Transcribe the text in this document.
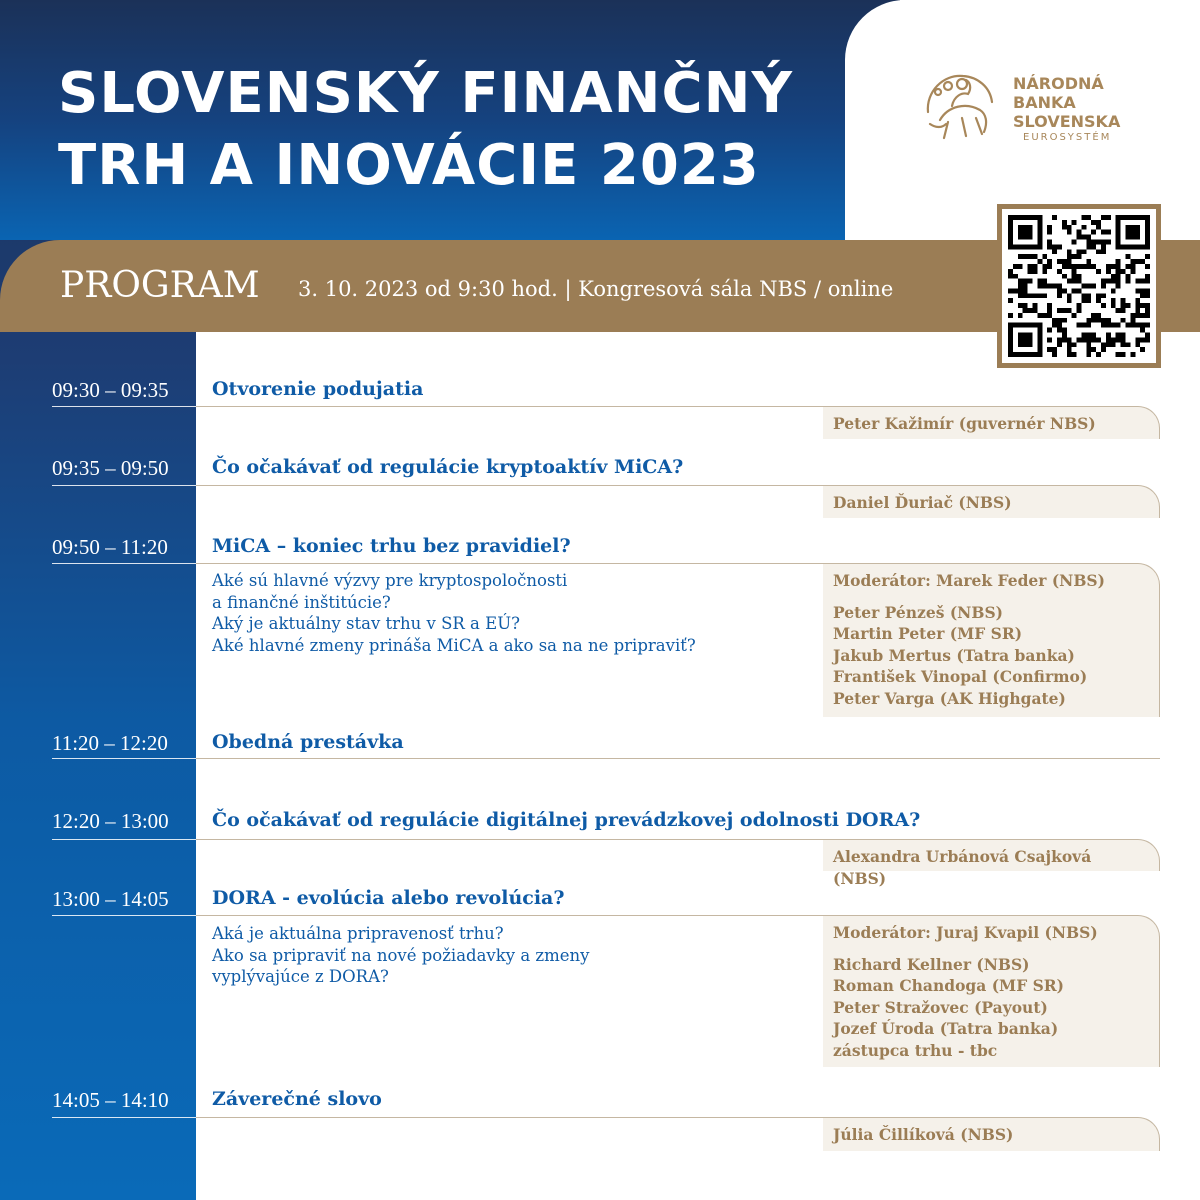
SLOVENSKÝ FINANČNÝ
TRH A INOVÁCIE 2023
NÁRODNÁ
BANKA
SLOVENSKA
EUROSYSTÉM
PROGRAM 3. 10. 2023 od 9:30 hod. | Kongresová sála NBS / online
09:30 – 09:35	Otvorenie podujatia
Peter Kažimír (guvernér NBS)
09:35 – 09:50	Čo očakávať od regulácie kryptoaktív MiCA?
Daniel Ďuriač (NBS)
09:50 – 11:20	MiCA – koniec trhu bez pravidiel?
Aké sú hlavné výzvy pre kryptospoločnosti
a finančné inštitúcie?
Aký je aktuálny stav trhu v SR a EÚ?
Aké hlavné zmeny prináša MiCA a ako sa na ne pripraviť?
Moderátor: Marek Feder (NBS)
Peter Pénzeš (NBS)
Martin Peter (MF SR)
Jakub Mertus (Tatra banka)
František Vinopal (Confirmo)
Peter Varga (AK Highgate)
11:20 – 12:20	Obedná prestávka
12:20 – 13:00	Čo očakávať od regulácie digitálnej prevádzkovej odolnosti DORA?
Alexandra Urbánová Csajková (NBS)
13:00 – 14:05	DORA - evolúcia alebo revolúcia?
Aká je aktuálna pripravenosť trhu?
Ako sa pripraviť na nové požiadavky a zmeny
vyplývajúce z DORA?
Moderátor: Juraj Kvapil (NBS)
Richard Kellner (NBS)
Roman Chandoga (MF SR)
Peter Stražovec (Payout)
Jozef Úroda (Tatra banka)
zástupca trhu - tbc
14:05 – 14:10	Záverečné slovo
Júlia Čillíková (NBS)
